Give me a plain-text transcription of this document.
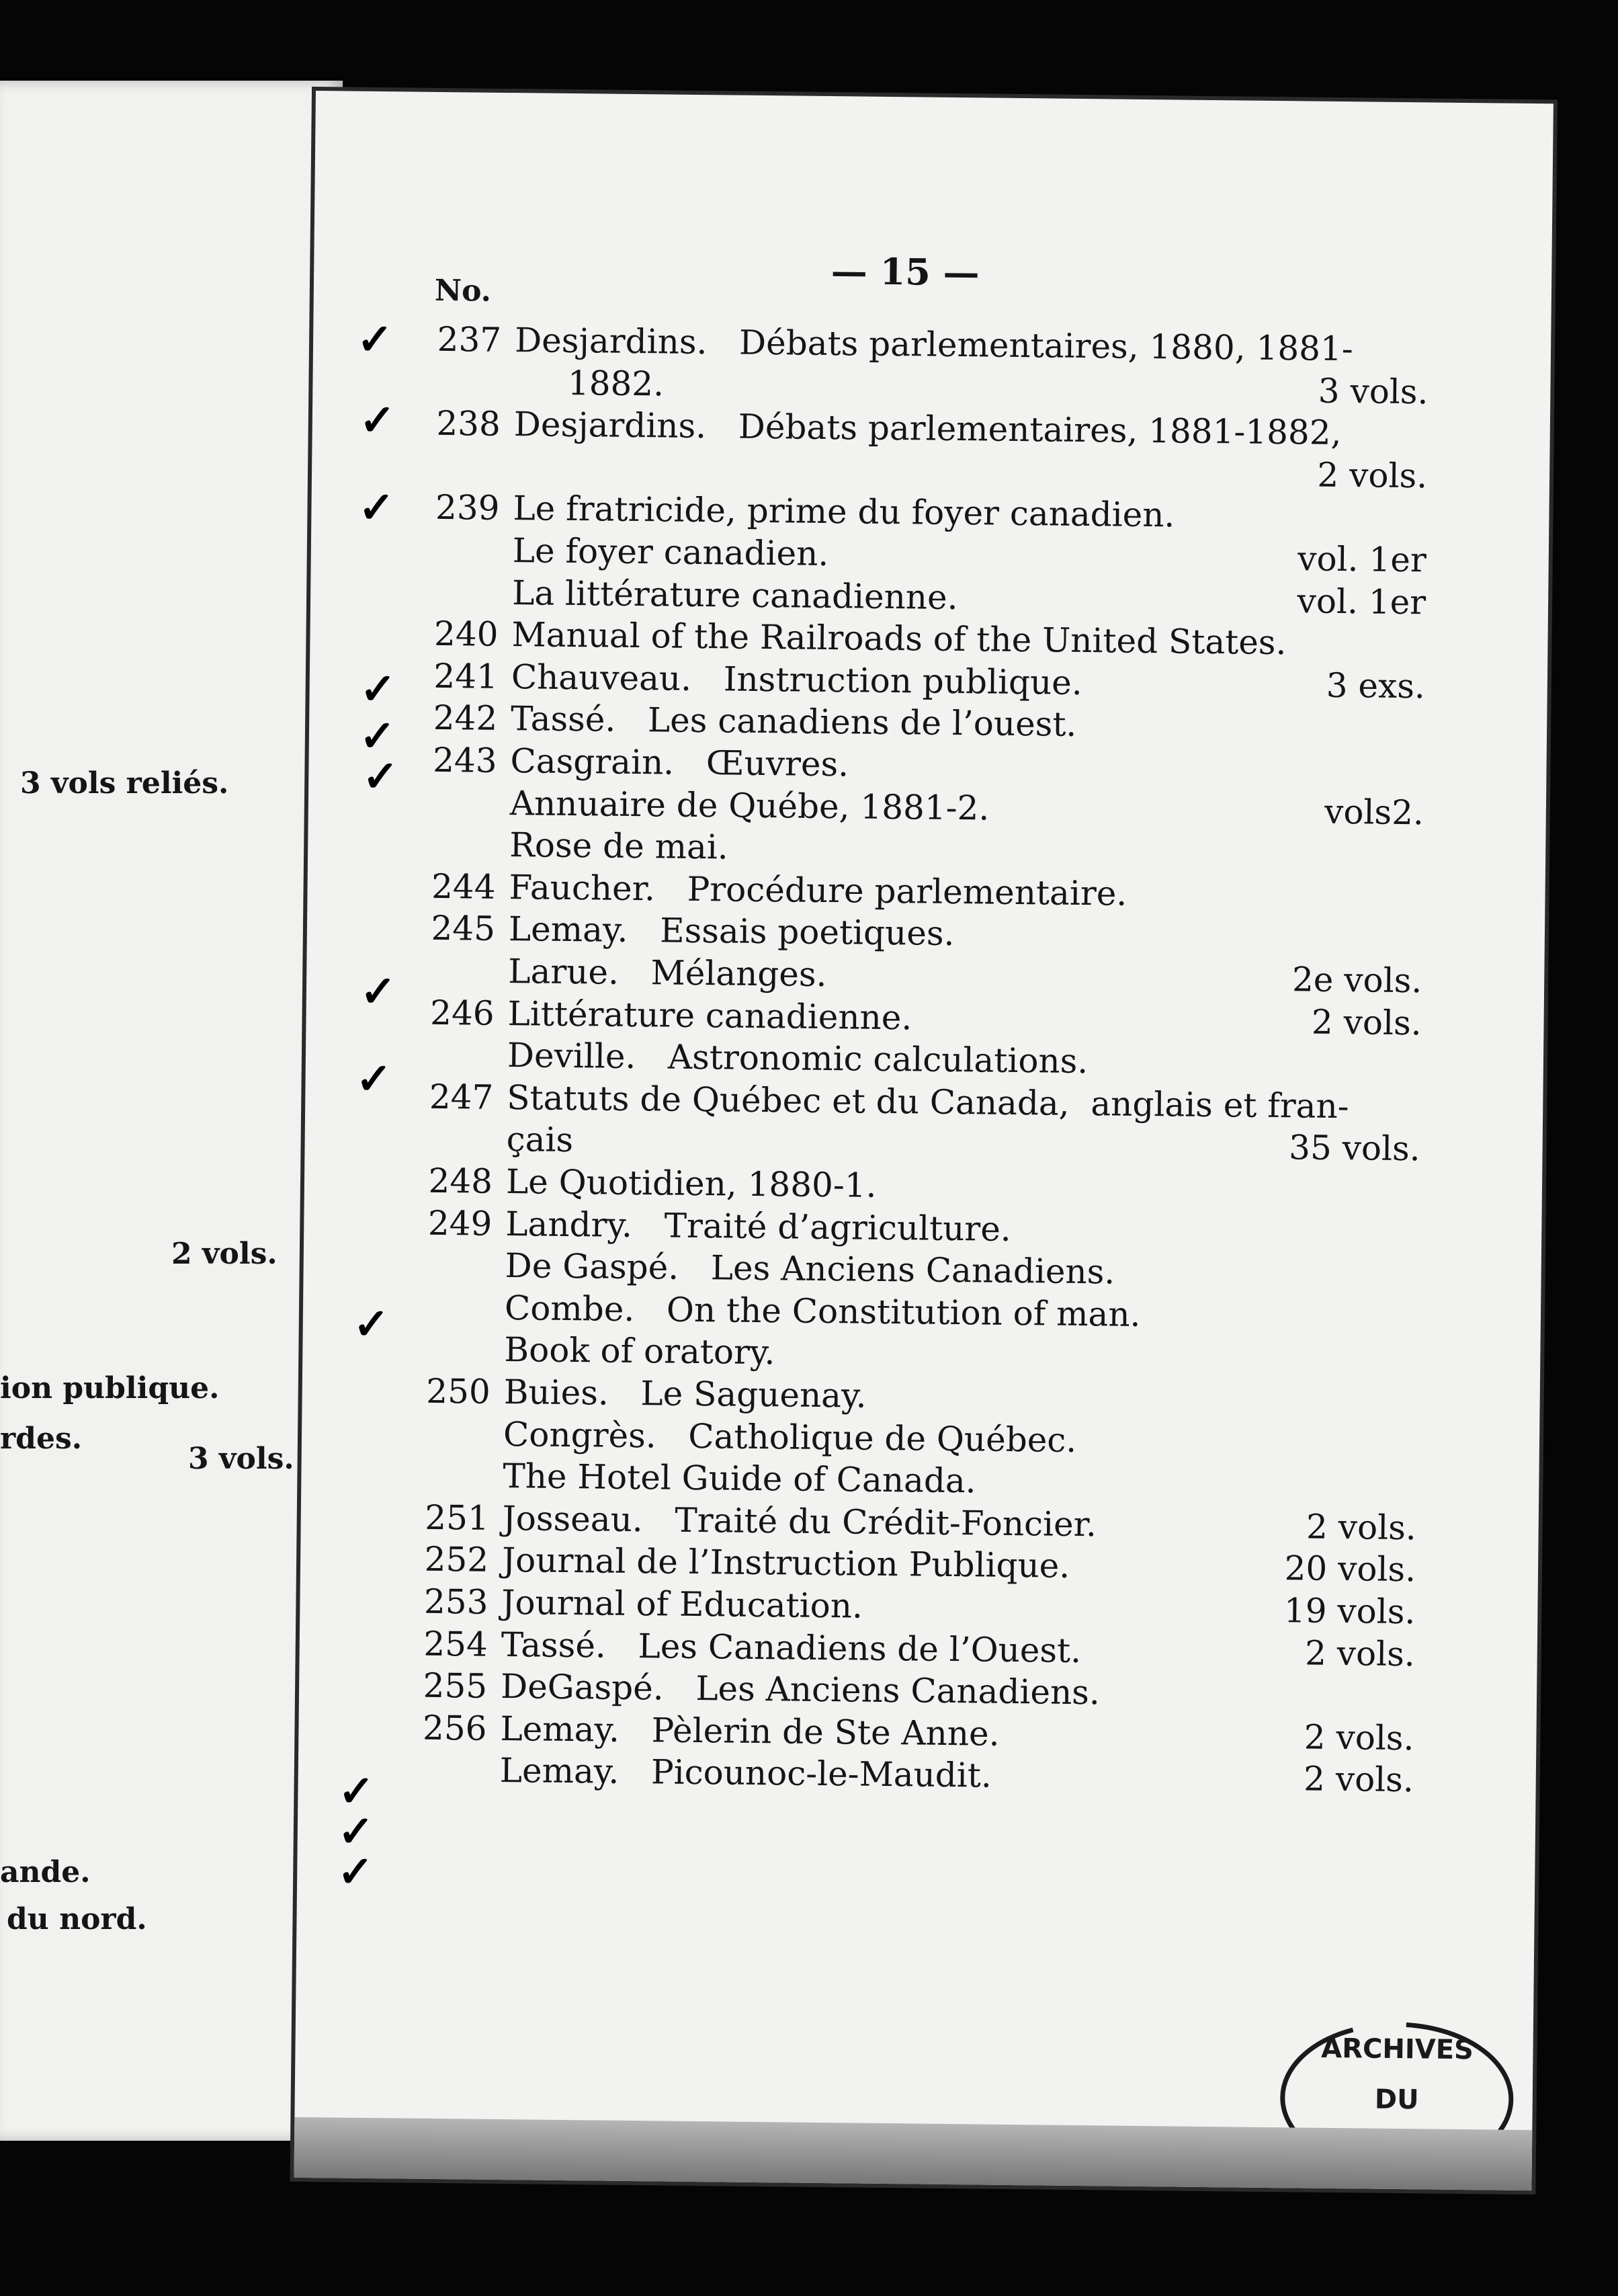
3 vols reliés.
2 vols.
ion publique.
rdes.
3 vols.
ande.
du nord.
— 15 —
No.
237 Desjardins.   Débats parlementaires, 1880, 1881-
1882.	3 vols.
238 Desjardins.   Débats parlementaires, 1881-1882,
2 vols.
239 Le fratricide, prime du foyer canadien.
Le foyer canadien.	vol. 1er
La littérature canadienne.	vol. 1er
240 Manual of the Railroads of the United States.
241 Chauveau.   Instruction publique.	3 exs.
242 Tassé.   Les canadiens de l’ouest.
243 Casgrain.   Œuvres.
Annuaire de Québe, 1881-2.	vols2.
Rose de mai.
244 Faucher.   Procédure parlementaire.
245 Lemay.   Essais poetiques.
Larue.   Mélanges.	2e vols.
246 Littérature canadienne.	2 vols.
Deville.   Astronomic calculations.
247 Statuts de Québec et du Canada,  anglais et fran-
çais	35 vols.
248 Le Quotidien, 1880-1.
249 Landry.   Traité d’agriculture.
De Gaspé.   Les Anciens Canadiens.
Combe.   On the Constitution of man.
Book of oratory.
250 Buies.   Le Saguenay.
Congrès.   Catholique de Québec.
The Hotel Guide of Canada.
251 Josseau.   Traité du Crédit-Foncier.	2 vols.
252 Journal de l’Instruction Publique.	20 vols.
253 Journal of Education.	19 vols.
254 Tassé.   Les Canadiens de l’Ouest.	2 vols.
255 DeGaspé.   Les Anciens Canadiens.
256 Lemay.   Pèlerin de Ste Anne.	2 vols.
Lemay.   Picounoc-le-Maudit.	2 vols.
✓
✓
✓
✓
✓
✓
✓
✓
✓
✓
✓
✓
ARCHIVES
DU
